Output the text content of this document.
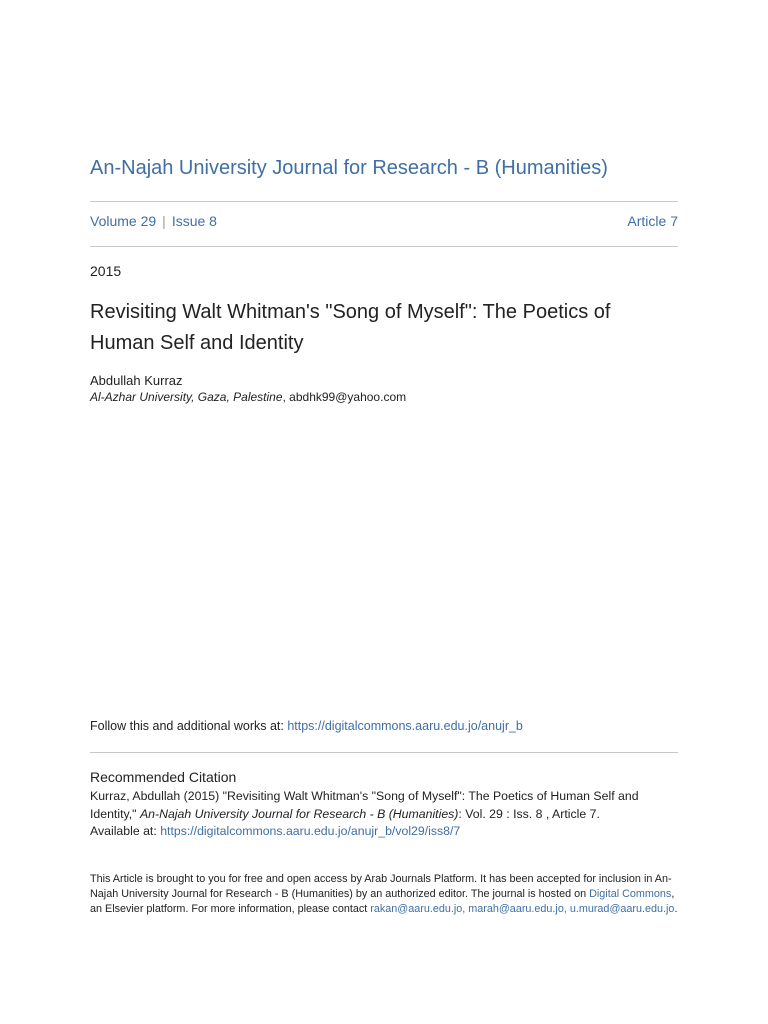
An-Najah University Journal for Research - B (Humanities)
Volume 29 | Issue 8	Article 7
2015
Revisiting Walt Whitman's "Song of Myself": The Poetics of Human Self and Identity
Abdullah Kurraz
Al-Azhar University, Gaza, Palestine, abdhk99@yahoo.com
Follow this and additional works at: https://digitalcommons.aaru.edu.jo/anujr_b
Recommended Citation
Kurraz, Abdullah (2015) "Revisiting Walt Whitman's "Song of Myself": The Poetics of Human Self and Identity," An-Najah University Journal for Research - B (Humanities): Vol. 29 : Iss. 8 , Article 7.
Available at: https://digitalcommons.aaru.edu.jo/anujr_b/vol29/iss8/7
This Article is brought to you for free and open access by Arab Journals Platform. It has been accepted for inclusion in An-Najah University Journal for Research - B (Humanities) by an authorized editor. The journal is hosted on Digital Commons, an Elsevier platform. For more information, please contact rakan@aaru.edu.jo, marah@aaru.edu.jo, u.murad@aaru.edu.jo.
